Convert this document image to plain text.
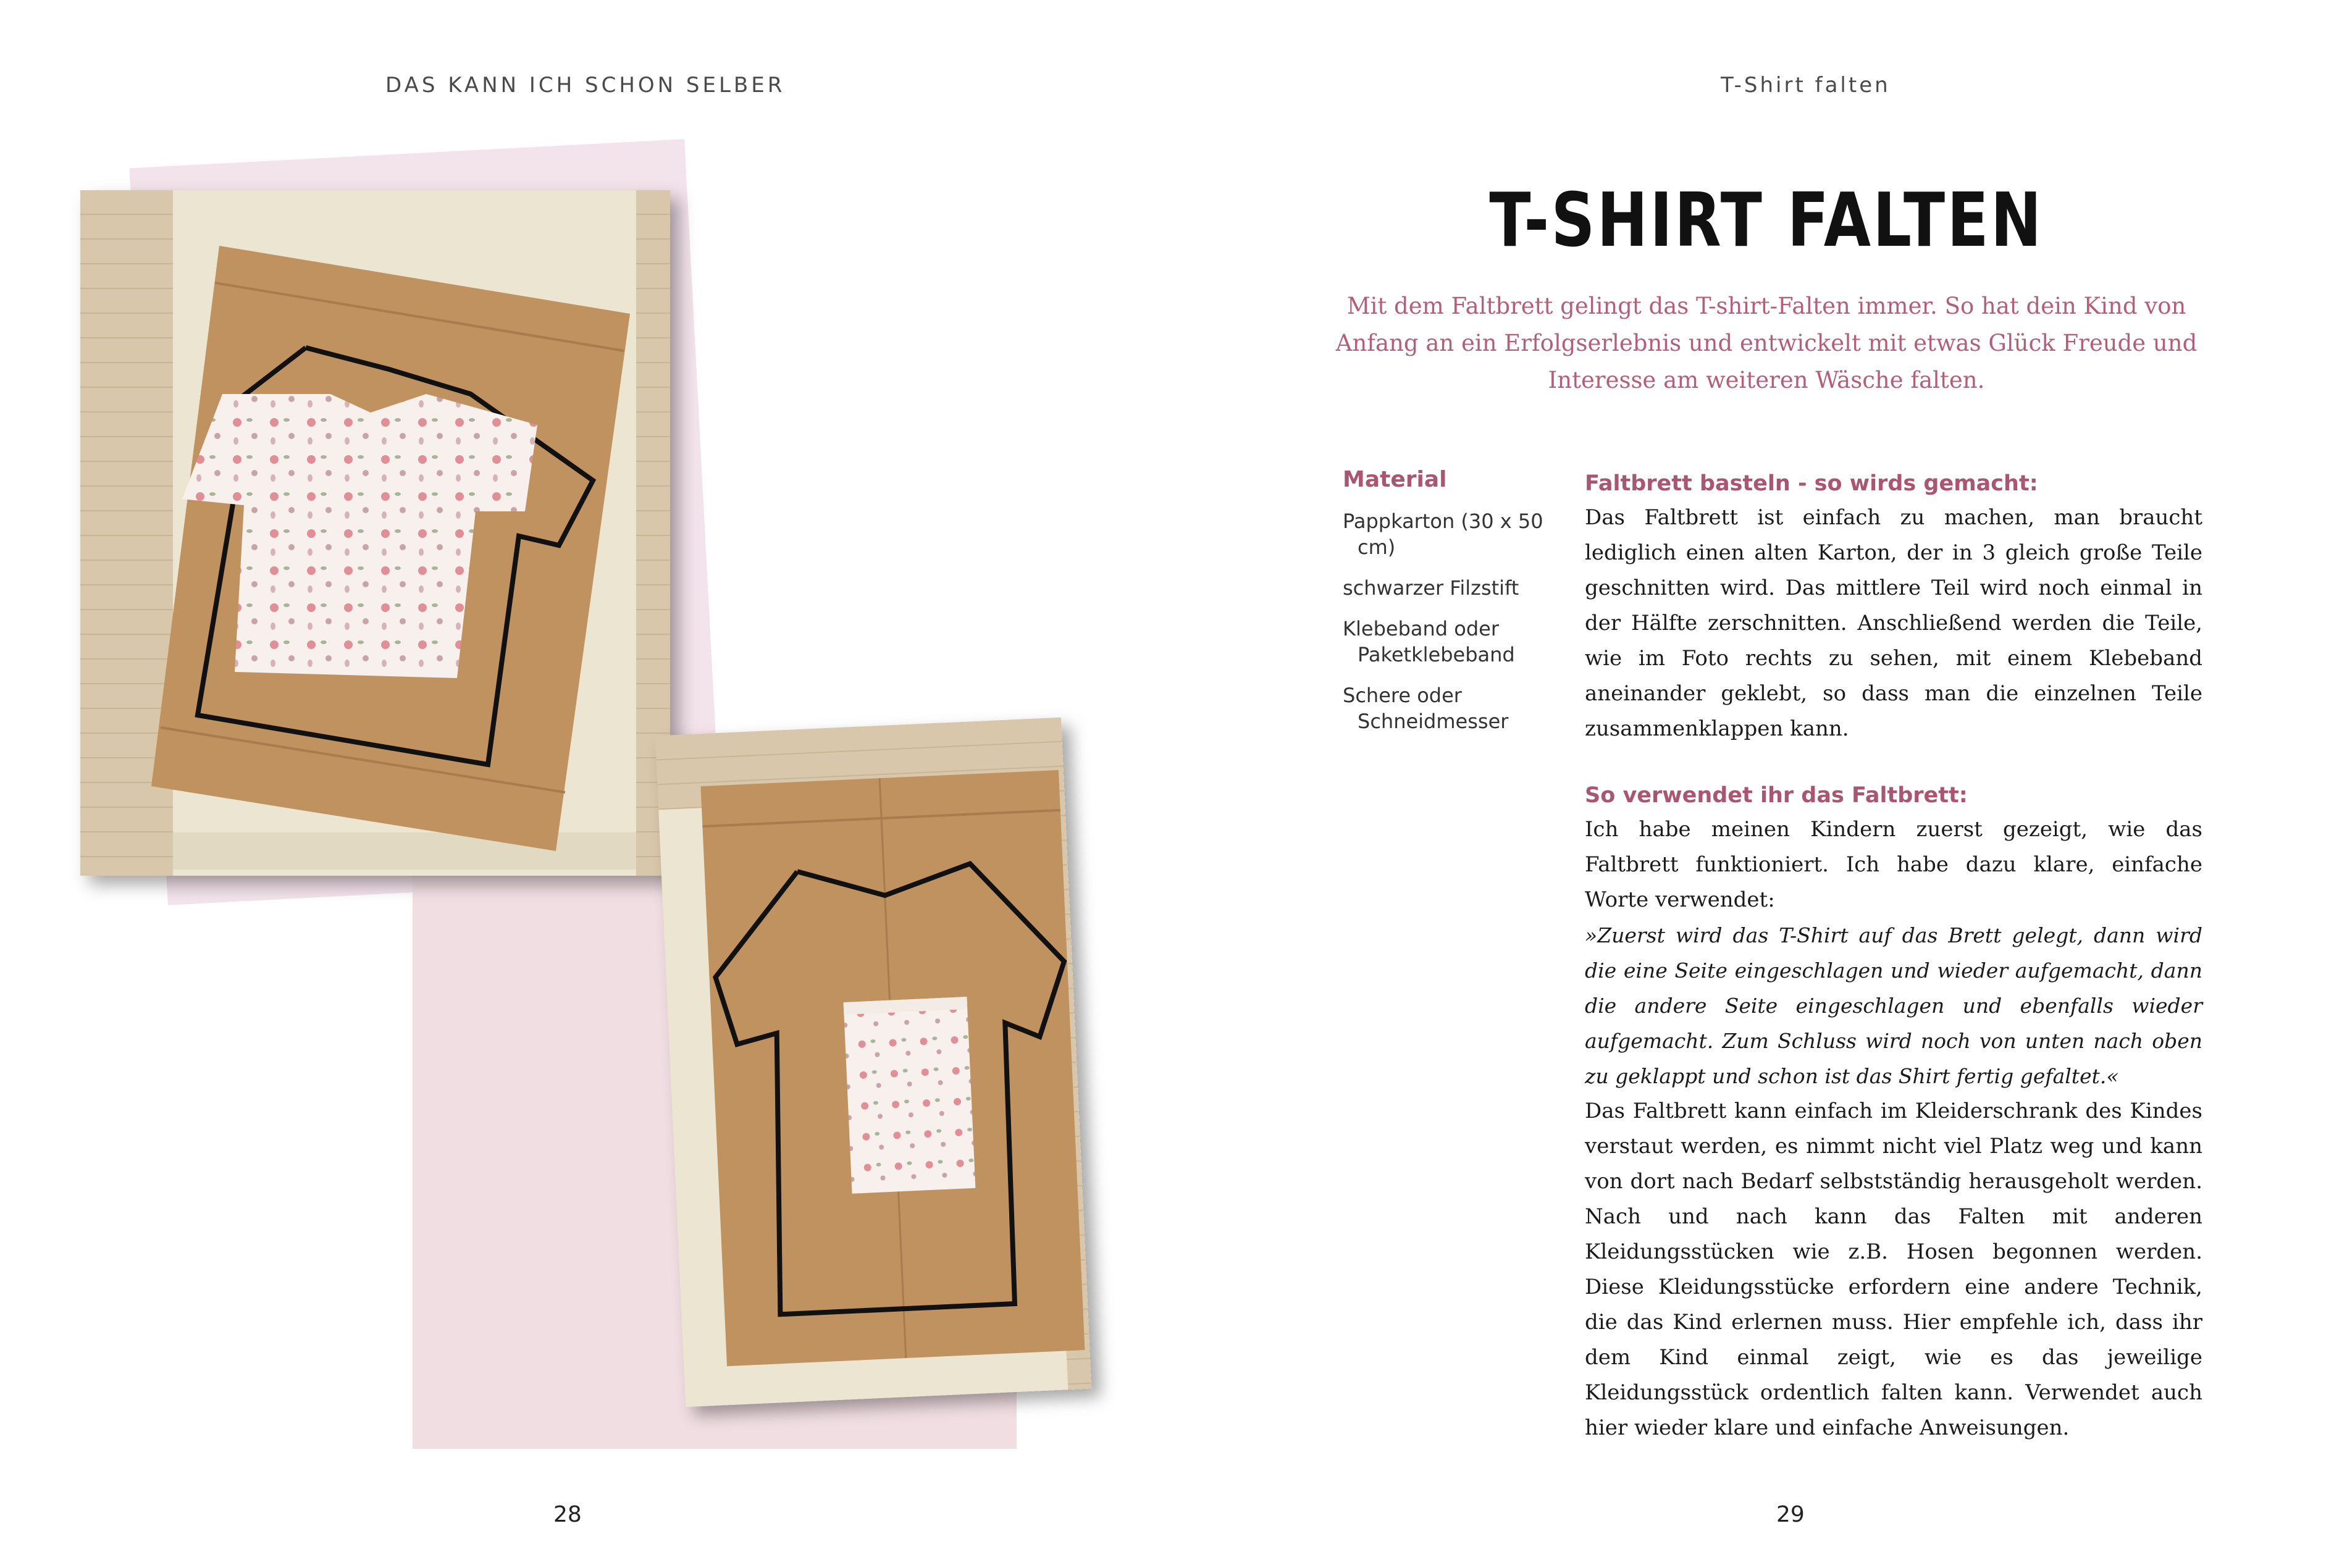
DAS KANN ICH SCHON SELBER
28
T-Shirt falten
T-SHIRT FALTEN

Mit dem Faltbrett gelingt das T-shirt-Falten immer. So hat dein Kind von Anfang an ein Erfolgserlebnis und entwickelt mit etwas Glück Freude und Interesse am weiteren Wäsche falten.

Material
Pappkarton (30 x 50 cm)
schwarzer Filzstift
Klebeband oder Paketklebeband
Schere oder Schneidmesser
Faltbrett basteln - so wirds gemacht:

Das Faltbrett ist einfach zu machen, man braucht lediglich einen alten Karton, der in 3 gleich große Teile geschnitten wird. Das mittlere Teil wird noch einmal in der Hälfte zerschnitten. Anschließend werden die Teile, wie im Foto rechts zu sehen, mit einem Klebeband aneinander geklebt, so dass man die einzelnen Teile zusammenklappen kann.

So verwendet ihr das Faltbrett:

Ich habe meinen Kindern zuerst gezeigt, wie das Faltbrett funktioniert. Ich habe dazu klare, einfache Worte verwendet:

»Zuerst wird das T-Shirt auf das Brett gelegt, dann wird die eine Seite eingeschlagen und wieder aufgemacht, dann die andere Seite eingeschlagen und ebenfalls wieder aufgemacht. Zum Schluss wird noch von unten nach oben zu geklappt und schon ist das Shirt fertig gefaltet.«

Das Faltbrett kann einfach im Kleiderschrank des Kindes verstaut werden, es nimmt nicht viel Platz weg und kann von dort nach Bedarf selbstständig herausgeholt werden. Nach und nach kann das Falten mit anderen Kleidungsstücken wie z.B. Hosen begonnen werden. Diese Kleidungsstücke erfordern eine andere Technik, die das Kind erlernen muss. Hier empfehle ich, dass ihr dem Kind einmal zeigt, wie es das jeweilige Kleidungsstück ordentlich falten kann. Verwendet auch hier wieder klare und einfache Anweisungen.

29
